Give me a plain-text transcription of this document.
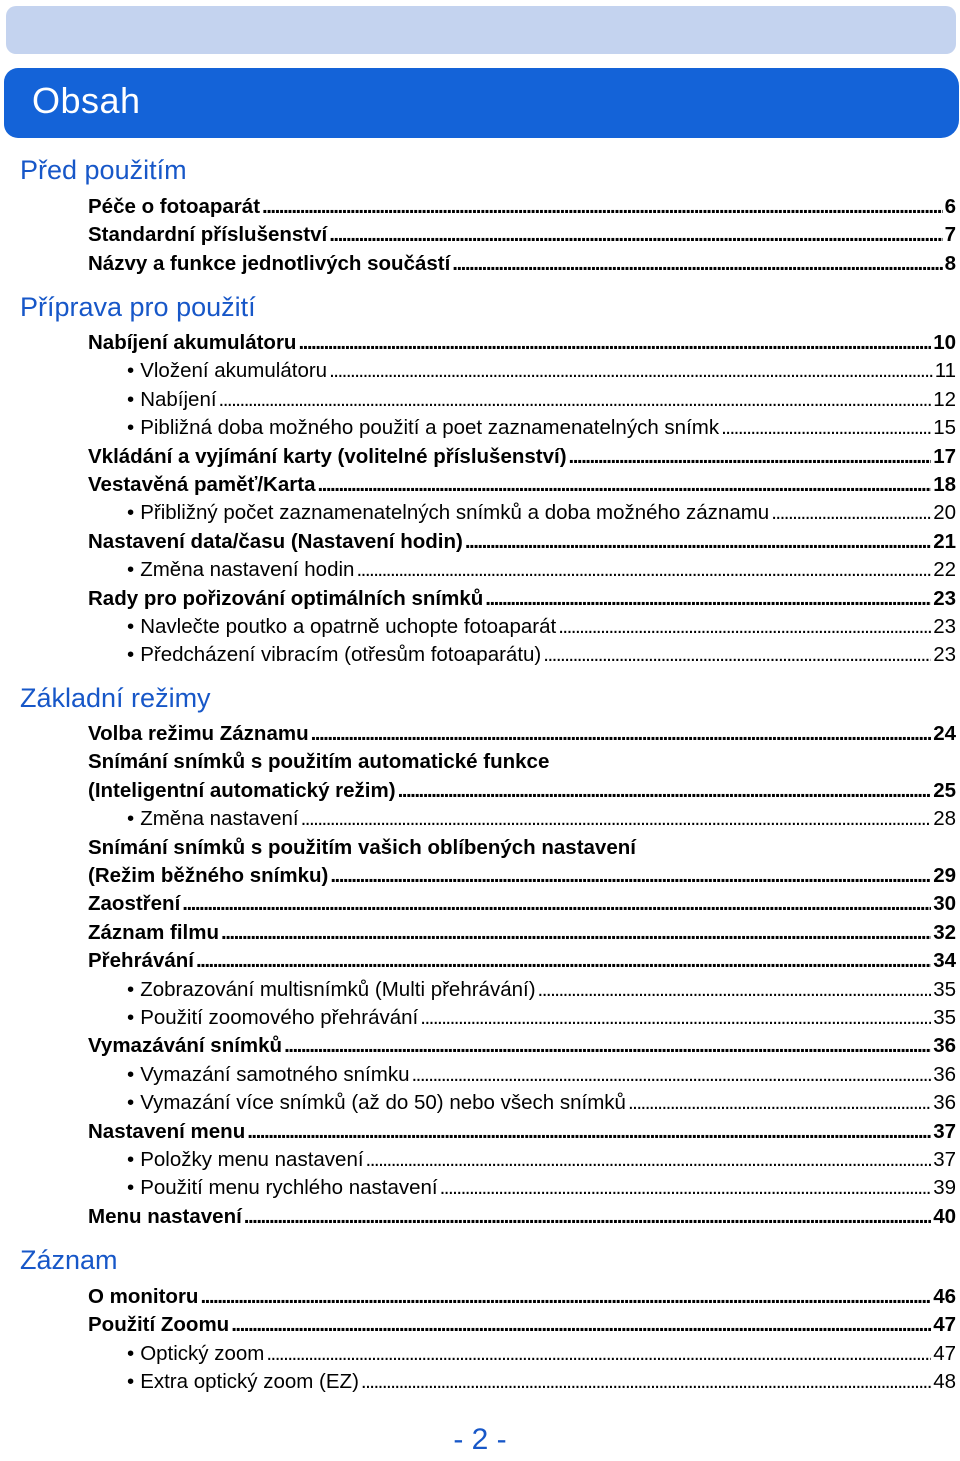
Obsah
Před použitím
Péče o fotoaparát . . .	6
Standardní příslušenství . . .	7
Názvy a funkce jednotlivých součástí . . .	8
Příprava pro použití
Nabíjení akumulátoru . . .	10
• Vložení akumulátoru . . .	11
• Nabíjení . . .	12
• Pibližná doba možného použití a poet zaznamenatelných snímk . . .	15
Vkládání a vyjímání karty (volitelné příslušenství) . . .	17
Vestavěná paměť/Karta . . .	18
• Přibližný počet zaznamenatelných snímků a doba možného záznamu . . .	20
Nastavení data/času (Nastavení hodin) . . .	21
• Změna nastavení hodin . . .	22
Rady pro pořizování optimálních snímků . . .	23
• Navlečte poutko a opatrně uchopte fotoaparát . . .	23
• Předcházení vibracím (otřesům fotoaparátu) . . .	23
Základní režimy
Volba režimu Záznamu . . .	24
Snímání snímků s použitím automatické funkce
(Inteligentní automatický režim) . . .	25
• Změna nastavení . . .	28
Snímání snímků s použitím vašich oblíbených nastavení
(Režim běžného snímku) . . .	29
Zaostření . . .	30
Záznam filmu . . .	32
Přehrávání . . .	34
• Zobrazování multisnímků (Multi přehrávání) . . .	35
• Použití zoomového přehrávání . . .	35
Vymazávání snímků . . .	36
• Vymazání samotného snímku . . .	36
• Vymazání více snímků (až do 50) nebo všech snímků . . .	36
Nastavení menu . . .	37
• Položky menu nastavení . . .	37
• Použití menu rychlého nastavení . . .	39
Menu nastavení . . .	40
Záznam
O monitoru . . .	46
Použití Zoomu . . .	47
• Optický zoom . . .	47
• Extra optický zoom (EZ) . . .	48
- 2 -
